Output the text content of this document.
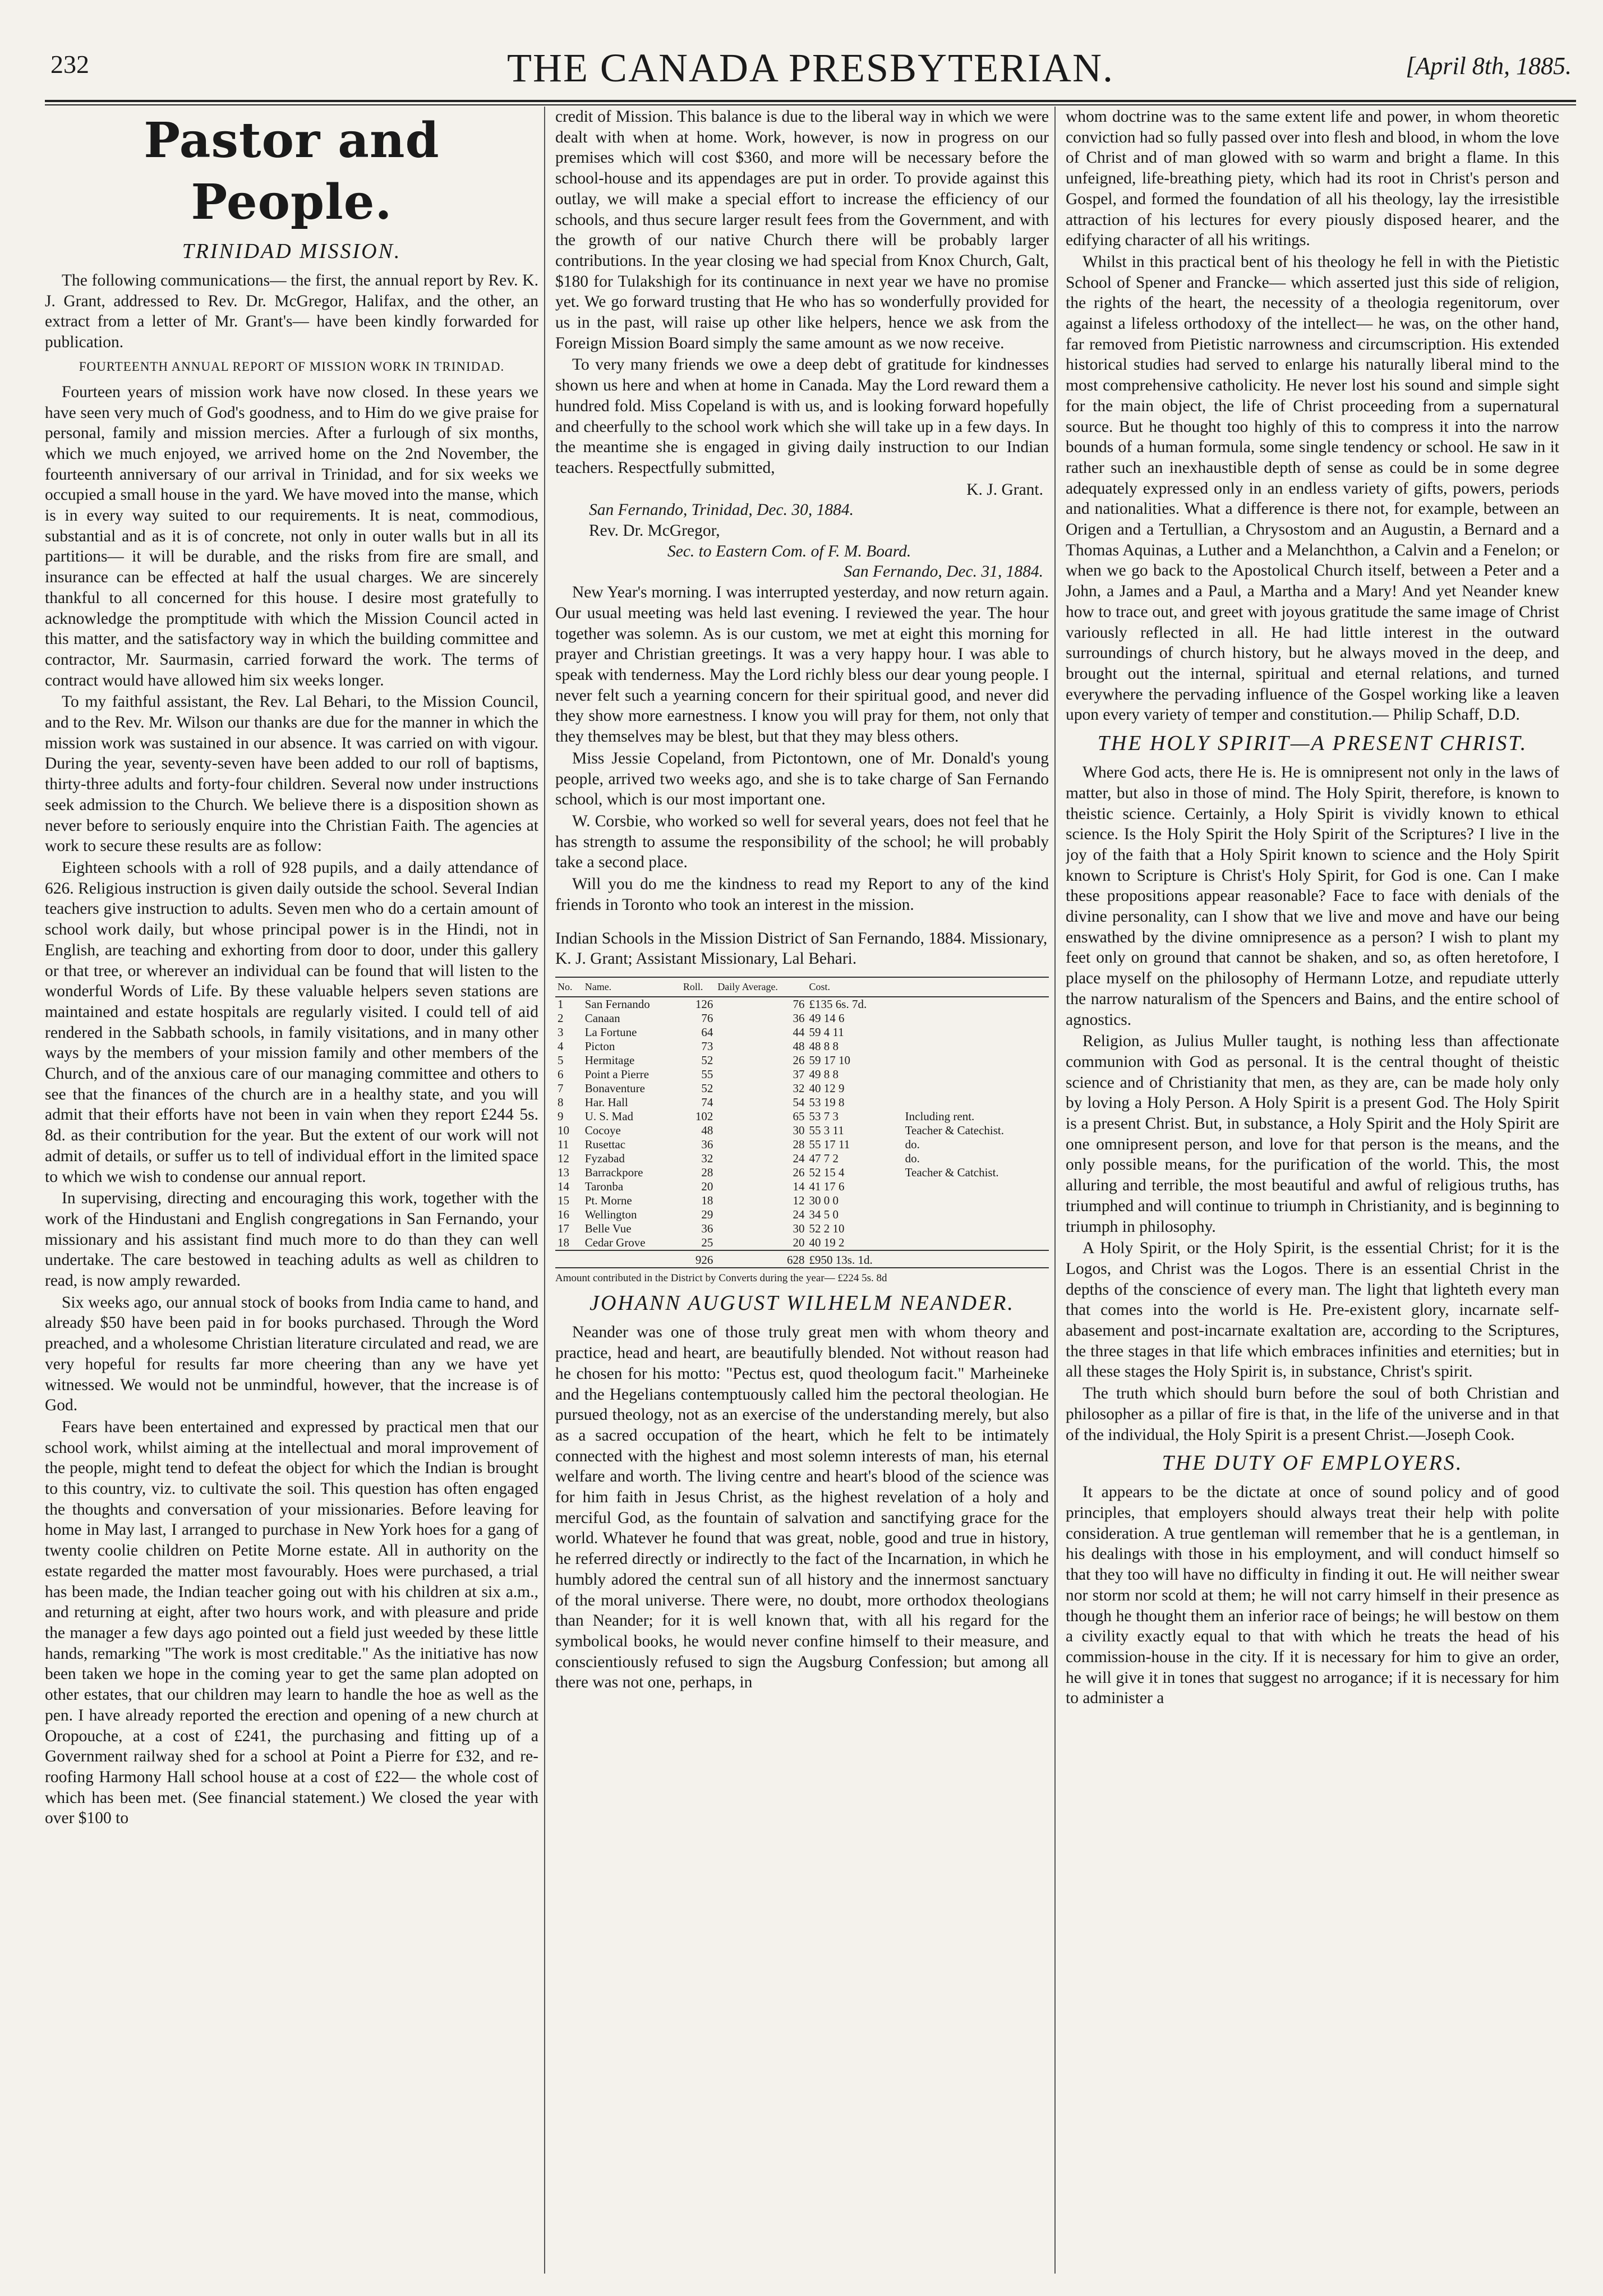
232	THE CANADA PRESBYTERIAN.	[April 8th, 1885.
Pastor and People.
TRINIDAD MISSION.

The following communications— the first, the annual report by Rev. K. J. Grant, addressed to Rev. Dr. McGregor, Halifax, and the other, an extract from a letter of Mr. Grant's— have been kindly forwarded for publication.

FOURTEENTH ANNUAL REPORT OF MISSION WORK IN TRINIDAD.

Fourteen years of mission work have now closed. In these years we have seen very much of God's goodness, and to Him do we give praise for personal, family and mission mercies. After a furlough of six months, which we much enjoyed, we arrived home on the 2nd November, the fourteenth anniversary of our arrival in Trinidad, and for six weeks we occupied a small house in the yard. We have moved into the manse, which is in every way suited to our requirements. It is neat, commodious, substantial and as it is of concrete, not only in outer walls but in all its partitions— it will be durable, and the risks from fire are small, and insurance can be effected at half the usual charges. We are sincerely thankful to all concerned for this house. I desire most gratefully to acknowledge the promptitude with which the Mission Council acted in this matter, and the satisfactory way in which the building committee and contractor, Mr. Saurmasin, carried forward the work. The terms of contract would have allowed him six weeks longer.

To my faithful assistant, the Rev. Lal Behari, to the Mission Council, and to the Rev. Mr. Wilson our thanks are due for the manner in which the mission work was sustained in our absence. It was carried on with vigour. During the year, seventy-seven have been added to our roll of baptisms, thirty-three adults and forty-four children. Several now under instructions seek admission to the Church. We believe there is a disposition shown as never before to seriously enquire into the Christian Faith. The agencies at work to secure these results are as follow:

Eighteen schools with a roll of 928 pupils, and a daily attendance of 626. Religious instruction is given daily outside the school. Several Indian teachers give instruction to adults. Seven men who do a certain amount of school work daily, but whose principal power is in the Hindi, not in English, are teaching and exhorting from door to door, under this gallery or that tree, or wherever an individual can be found that will listen to the wonderful Words of Life. By these valuable helpers seven stations are maintained and estate hospitals are regularly visited. I could tell of aid rendered in the Sabbath schools, in family visitations, and in many other ways by the members of your mission family and other members of the Church, and of the anxious care of our managing committee and others to see that the finances of the church are in a healthy state, and you will admit that their efforts have not been in vain when they report £244 5s. 8d. as their contribution for the year. But the extent of our work will not admit of details, or suffer us to tell of individual effort in the limited space to which we wish to condense our annual report.

In supervising, directing and encouraging this work, together with the work of the Hindustani and English congregations in San Fernando, your missionary and his assistant find much more to do than they can well undertake. The care bestowed in teaching adults as well as children to read, is now amply rewarded.

Six weeks ago, our annual stock of books from India came to hand, and already $50 have been paid in for books purchased. Through the Word preached, and a wholesome Christian literature circulated and read, we are very hopeful for results far more cheering than any we have yet witnessed. We would not be unmindful, however, that the increase is of God.

Fears have been entertained and expressed by practical men that our school work, whilst aiming at the intellectual and moral improvement of the people, might tend to defeat the object for which the Indian is brought to this country, viz. to cultivate the soil. This question has often engaged the thoughts and conversation of your missionaries. Before leaving for home in May last, I arranged to purchase in New York hoes for a gang of twenty coolie children on Petite Morne estate. All in authority on the estate regarded the matter most favourably. Hoes were purchased, a trial has been made, the Indian teacher going out with his children at six a.m., and returning at eight, after two hours work, and with pleasure and pride the manager a few days ago pointed out a field just weeded by these little hands, remarking "The work is most creditable." As the initiative has now been taken we hope in the coming year to get the same plan adopted on other estates, that our children may learn to handle the hoe as well as the pen. I have already reported the erection and opening of a new church at Oropouche, at a cost of £241, the purchasing and fitting up of a Government railway shed for a school at Point a Pierre for £32, and re-roofing Harmony Hall school house at a cost of £22— the whole cost of which has been met. (See financial statement.) We closed the year with over $100 to

credit of Mission. This balance is due to the liberal way in which we were dealt with when at home. Work, however, is now in progress on our premises which will cost $360, and more will be necessary before the school-house and its appendages are put in order. To provide against this outlay, we will make a special effort to increase the efficiency of our schools, and thus secure larger result fees from the Government, and with the growth of our native Church there will be probably larger contributions. In the year closing we had special from Knox Church, Galt, $180 for Tulakshigh for its continuance in next year we have no promise yet. We go forward trusting that He who has so wonderfully provided for us in the past, will raise up other like helpers, hence we ask from the Foreign Mission Board simply the same amount as we now receive.

To very many friends we owe a deep debt of gratitude for kindnesses shown us here and when at home in Canada. May the Lord reward them a hundred fold. Miss Copeland is with us, and is looking forward hopefully and cheerfully to the school work which she will take up in a few days. In the meantime she is engaged in giving daily instruction to our Indian teachers. Respectfully submitted,

K. J. Grant.

San Fernando, Trinidad, Dec. 30, 1884.

Rev. Dr. McGregor,

Sec. to Eastern Com. of F. M. Board.

San Fernando, Dec. 31, 1884.

New Year's morning. I was interrupted yesterday, and now return again. Our usual meeting was held last evening. I reviewed the year. The hour together was solemn. As is our custom, we met at eight this morning for prayer and Christian greetings. It was a very happy hour. I was able to speak with tenderness. May the Lord richly bless our dear young people. I never felt such a yearning concern for their spiritual good, and never did they show more earnestness. I know you will pray for them, not only that they themselves may be blest, but that they may bless others.

Miss Jessie Copeland, from Pictontown, one of Mr. Donald's young people, arrived two weeks ago, and she is to take charge of San Fernando school, which is our most important one.

W. Corsbie, who worked so well for several years, does not feel that he has strength to assume the responsibility of the school; he will probably take a second place.

Will you do me the kindness to read my Report to any of the kind friends in Toronto who took an interest in the mission.

Indian Schools in the Mission District of San Fernando, 1884. Missionary, K. J. Grant; Assistant Missionary, Lal Behari.

No.	Name.	Roll.	Daily Average.	Cost.	
1	San Fernando	126	76	£135 6s. 7d.	
2	Canaan	76	36	49 14 6	
3	La Fortune	64	44	59 4 11	
4	Picton	73	48	48 8 8	
5	Hermitage	52	26	59 17 10	
6	Point a Pierre	55	37	49 8 8	
7	Bonaventure	52	32	40 12 9	
8	Har. Hall	74	54	53 19 8	
9	U. S. Mad	102	65	53 7 3	Including rent.
10	Cocoye	48	30	55 3 11	Teacher & Catechist.
11	Rusettac	36	28	55 17 11	do.
12	Fyzabad	32	24	47 7 2	do.
13	Barrackpore	28	26	52 15 4	Teacher & Catchist.
14	Taronba	20	14	41 17 6	
15	Pt. Morne	18	12	30 0 0	
16	Wellington	29	24	34 5 0	
17	Belle Vue	36	30	52 2 10	
18	Cedar Grove	25	20	40 19 2	
		926	628	£950 13s. 1d.	

Amount contributed in the District by Converts during the year— £224 5s. 8d

JOHANN AUGUST WILHELM NEANDER.

Neander was one of those truly great men with whom theory and practice, head and heart, are beautifully blended. Not without reason had he chosen for his motto: "Pectus est, quod theologum facit." Marheineke and the Hegelians contemptuously called him the pectoral theologian. He pursued theology, not as an exercise of the understanding merely, but also as a sacred occupation of the heart, which he felt to be intimately connected with the highest and most solemn interests of man, his eternal welfare and worth. The living centre and heart's blood of the science was for him faith in Jesus Christ, as the highest revelation of a holy and merciful God, as the fountain of salvation and sanctifying grace for the world. Whatever he found that was great, noble, good and true in history, he referred directly or indirectly to the fact of the Incarnation, in which he humbly adored the central sun of all history and the innermost sanctuary of the moral universe. There were, no doubt, more orthodox theologians than Neander; for it is well known that, with all his regard for the symbolical books, he would never confine himself to their measure, and conscientiously refused to sign the Augsburg Confession; but among all there was not one, perhaps, in

whom doctrine was to the same extent life and power, in whom theoretic conviction had so fully passed over into flesh and blood, in whom the love of Christ and of man glowed with so warm and bright a flame. In this unfeigned, life-breathing piety, which had its root in Christ's person and Gospel, and formed the foundation of all his theology, lay the irresistible attraction of his lectures for every piously disposed hearer, and the edifying character of all his writings.

Whilst in this practical bent of his theology he fell in with the Pietistic School of Spener and Francke— which asserted just this side of religion, the rights of the heart, the necessity of a theologia regenitorum, over against a lifeless orthodoxy of the intellect— he was, on the other hand, far removed from Pietistic narrowness and circumscription. His extended historical studies had served to enlarge his naturally liberal mind to the most comprehensive catholicity. He never lost his sound and simple sight for the main object, the life of Christ proceeding from a supernatural source. But he thought too highly of this to compress it into the narrow bounds of a human formula, some single tendency or school. He saw in it rather such an inexhaustible depth of sense as could be in some degree adequately expressed only in an endless variety of gifts, powers, periods and nationalities. What a difference is there not, for example, between an Origen and a Tertullian, a Chrysostom and an Augustin, a Bernard and a Thomas Aquinas, a Luther and a Melanchthon, a Calvin and a Fenelon; or when we go back to the Apostolical Church itself, between a Peter and a John, a James and a Paul, a Martha and a Mary! And yet Neander knew how to trace out, and greet with joyous gratitude the same image of Christ variously reflected in all. He had little interest in the outward surroundings of church history, but he always moved in the deep, and brought out the internal, spiritual and eternal relations, and turned everywhere the pervading influence of the Gospel working like a leaven upon every variety of temper and constitution.— Philip Schaff, D.D.

THE HOLY SPIRIT—A PRESENT CHRIST.

Where God acts, there He is. He is omnipresent not only in the laws of matter, but also in those of mind. The Holy Spirit, therefore, is known to theistic science. Certainly, a Holy Spirit is vividly known to ethical science. Is the Holy Spirit the Holy Spirit of the Scriptures? I live in the joy of the faith that a Holy Spirit known to science and the Holy Spirit known to Scripture is Christ's Holy Spirit, for God is one. Can I make these propositions appear reasonable? Face to face with denials of the divine personality, can I show that we live and move and have our being enswathed by the divine omnipresence as a person? I wish to plant my feet only on ground that cannot be shaken, and so, as often heretofore, I place myself on the philosophy of Hermann Lotze, and repudiate utterly the narrow naturalism of the Spencers and Bains, and the entire school of agnostics.

Religion, as Julius Muller taught, is nothing less than affectionate communion with God as personal. It is the central thought of theistic science and of Christianity that men, as they are, can be made holy only by loving a Holy Person. A Holy Spirit is a present God. The Holy Spirit is a present Christ. But, in substance, a Holy Spirit and the Holy Spirit are one omnipresent person, and love for that person is the means, and the only possible means, for the purification of the world. This, the most alluring and terrible, the most beautiful and awful of religious truths, has triumphed and will continue to triumph in Christianity, and is beginning to triumph in philosophy.

A Holy Spirit, or the Holy Spirit, is the essential Christ; for it is the Logos, and Christ was the Logos. There is an essential Christ in the depths of the conscience of every man. The light that lighteth every man that comes into the world is He. Pre-existent glory, incarnate self-abasement and post-incarnate exaltation are, according to the Scriptures, the three stages in that life which embraces infinities and eternities; but in all these stages the Holy Spirit is, in substance, Christ's spirit.

The truth which should burn before the soul of both Christian and philosopher as a pillar of fire is that, in the life of the universe and in that of the individual, the Holy Spirit is a present Christ.—Joseph Cook.

THE DUTY OF EMPLOYERS.

It appears to be the dictate at once of sound policy and of good principles, that employers should always treat their help with polite consideration. A true gentleman will remember that he is a gentleman, in his dealings with those in his employment, and will conduct himself so that they too will have no difficulty in finding it out. He will neither swear nor storm nor scold at them; he will not carry himself in their presence as though he thought them an inferior race of beings; he will bestow on them a civility exactly equal to that with which he treats the head of his commission-house in the city. If it is necessary for him to give an order, he will give it in tones that suggest no arrogance; if it is necessary for him to administer a
